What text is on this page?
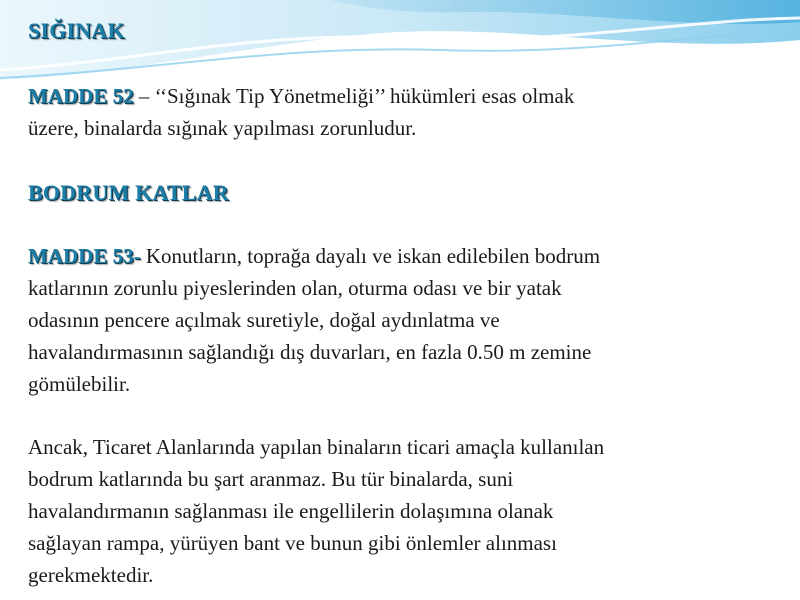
SIĞINAK

MADDE 52 – ‘‘Sığınak Tip Yönetmeliği’’ hükümleri esas olmak
üzere, binalarda sığınak yapılması zorunludur.

BODRUM KATLAR

MADDE 53- Konutların, toprağa dayalı ve iskan edilebilen bodrum
katlarının zorunlu piyeslerinden olan, oturma odası ve bir yatak
odasının pencere açılmak suretiyle, doğal aydınlatma ve
havalandırmasının sağlandığı dış duvarları, en fazla 0.50 m zemine
gömülebilir.

Ancak, Ticaret Alanlarında yapılan binaların ticari amaçla kullanılan
bodrum katlarında bu şart aranmaz. Bu tür binalarda, suni
havalandırmanın sağlanması ile engellilerin dolaşımına olanak
sağlayan rampa, yürüyen bant ve bunun gibi önlemler alınması
gerekmektedir.
